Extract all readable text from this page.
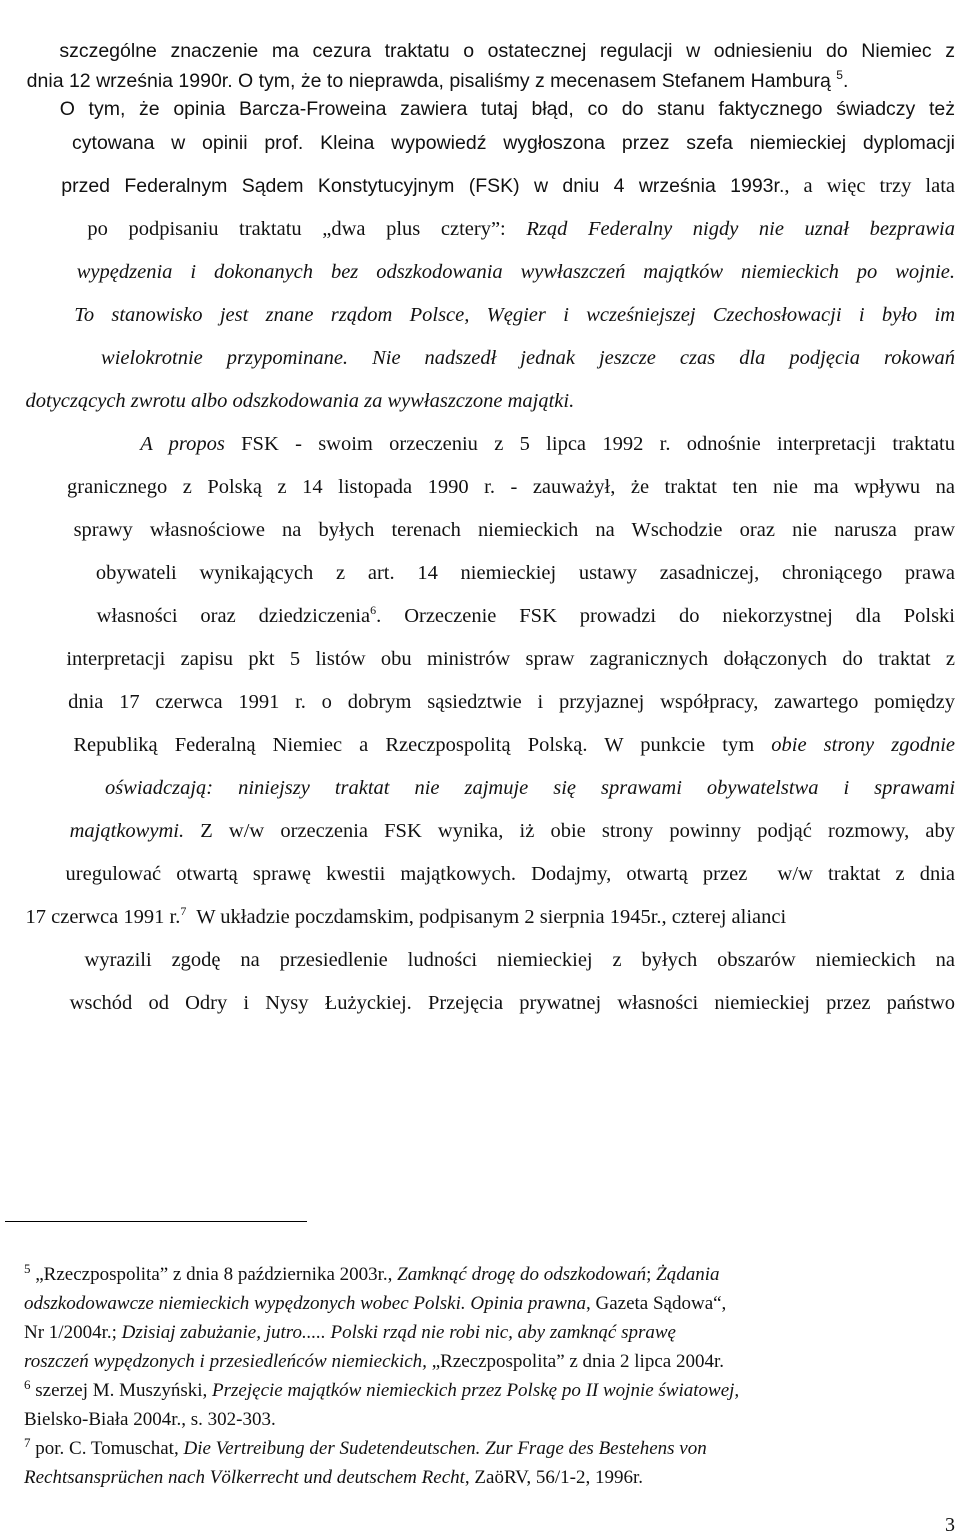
szczególne znaczenie ma cezura traktatu o ostatecznej regulacji w odniesieniu do Niemiec z

dnia 12 września 1990r. O tym, że to nieprawda, pisaliśmy z mecenasem Stefanem Hamburą $^5$.

O tym, że opinia Barcza-Froweina zawiera tutaj błąd, co do stanu faktycznego świadczy też

cytowana w opinii prof. Kleina wypowiedź wygłoszona przez szefa niemieckiej dyplomacji

przed Federalnym Sądem Konstytucyjnym (FSK) w dniu 4 września 1993r., a więc trzy lata

po podpisaniu traktatu „dwa plus cztery”: Rząd Federalny nigdy nie uznał bezprawia

wypędzenia i dokonanych bez odszkodowania wywłaszczeń majątków niemieckich po wojnie.

To stanowisko jest znane rządom Polsce, Węgier i wcześniejszej Czechosłowacji i było im

wielokrotnie przypominane. Nie nadszedł jednak jeszcze czas dla podjęcia rokowań

dotyczących zwrotu albo odszkodowania za wywłaszczone majątki.

A propos FSK - swoim orzeczeniu z 5 lipca 1992 r. odnośnie interpretacji traktatu

granicznego z Polską z 14 listopada 1990 r. - zauważył, że traktat ten nie ma wpływu na

sprawy własnościowe na byłych terenach niemieckich na Wschodzie oraz nie narusza praw

obywateli wynikających z art. 14 niemieckiej ustawy zasadniczej, chroniącego prawa

własności oraz dziedziczenia$^6$. Orzeczenie FSK prowadzi do niekorzystnej dla Polski

interpretacji zapisu pkt 5 listów obu ministrów spraw zagranicznych dołączonych do traktat z

dnia 17 czerwca 1991 r. o dobrym sąsiedztwie i przyjaznej współpracy, zawartego pomiędzy

Republiką Federalną Niemiec a Rzeczpospolitą Polską. W punkcie tym obie strony zgodnie

oświadczają: niniejszy traktat nie zajmuje się sprawami obywatelstwa i sprawami

majątkowymi. Z w/w orzeczenia FSK wynika, iż obie strony powinny podjąć rozmowy, aby

uregulować otwartą sprawę kwestii majątkowych. Dodajmy, otwartą przez  w/w traktat z dnia

17 czerwca 1991 r.$^7$  W układzie poczdamskim, podpisanym 2 sierpnia 1945r., czterej alianci

wyrazili zgodę na przesiedlenie ludności niemieckiej z byłych obszarów niemieckich na

wschód od Odry i Nysy Łużyckiej. Przejęcia prywatnej własności niemieckiej przez państwo

$^5$ „Rzeczpospolita” z dnia 8 października 2003r., Zamknąć drogę do odszkodowań; Żądania

odszkodowawcze niemieckich wypędzonych wobec Polski. Opinia prawna, Gazeta Sądowa“,

Nr 1/2004r.; Dzisiaj zabużanie, jutro..... Polski rząd nie robi nic, aby zamknąć sprawę

roszczeń wypędzonych i przesiedleńców niemieckich, „Rzeczpospolita” z dnia 2 lipca 2004r.

$^6$ szerzej M. Muszyński, Przejęcie majątków niemieckich przez Polskę po II wojnie światowej,

Bielsko-Biała 2004r., s. 302-303.

$^7$ por. C. Tomuschat, Die Vertreibung der Sudetendeutschen. Zur Frage des Bestehens von

Rechtsansprüchen nach Völkerrecht und deutschem Recht, ZaöRV, 56/1-2, 1996r.

3
